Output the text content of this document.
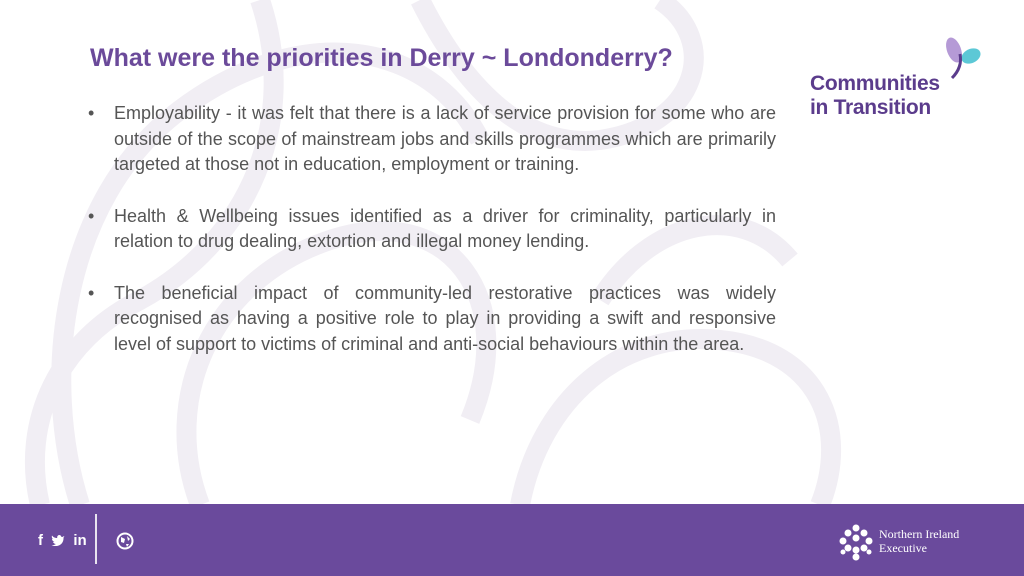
What were the priorities in Derry ~ Londonderry?
• Employability - it was felt that there is a lack of service provision for some who are outside of the scope of mainstream jobs and skills programmes which are primarily targeted at those not in education, employment or training.
• Health & Wellbeing issues identified as a driver for criminality, particularly in relation to drug dealing, extortion and illegal money lending.
• The beneficial impact of community-led restorative practices was widely recognised as having a positive role to play in providing a swift and responsive level of support to victims of criminal and anti-social behaviours within the area.
Communities
in Transition
f in	Northern Ireland
Executive
